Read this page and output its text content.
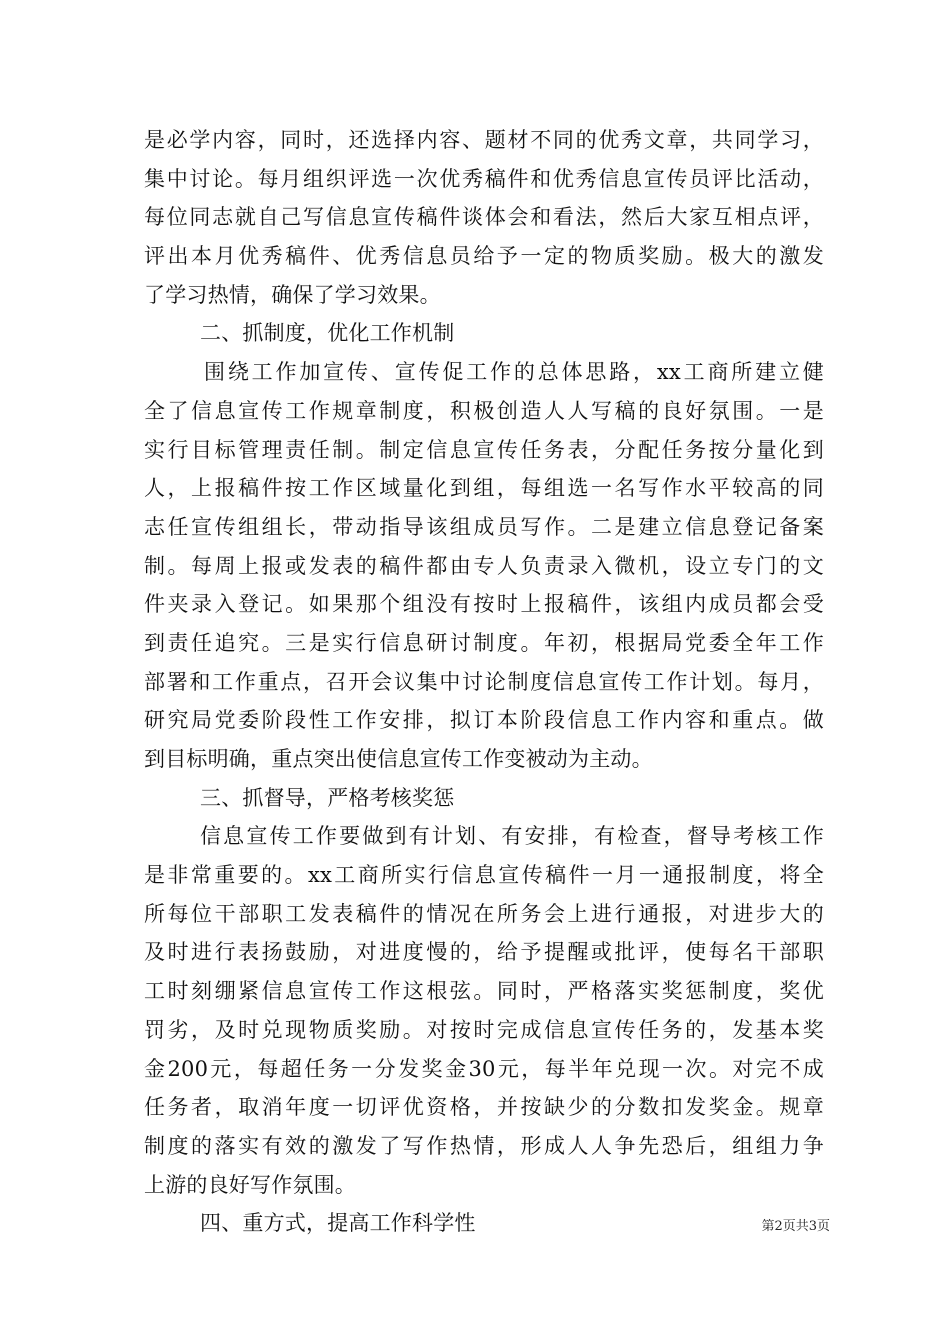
是必学内容，同时，还选择内容、题材不同的优秀文章，共同学习，
集中讨论。每月组织评选一次优秀稿件和优秀信息宣传员评比活动，
每位同志就自己写信息宣传稿件谈体会和看法，然后大家互相点评，
评出本月优秀稿件、优秀信息员给予一定的物质奖励。极大的激发
了学习热情，确保了学习效果。
二、抓制度，优化工作机制
围绕工作加宣传、宣传促工作的总体思路，xx工商所建立健
全了信息宣传工作规章制度，积极创造人人写稿的良好氛围。一是
实行目标管理责任制。制定信息宣传任务表，分配任务按分量化到
人，上报稿件按工作区域量化到组，每组选一名写作水平较高的同
志任宣传组组长，带动指导该组成员写作。二是建立信息登记备案
制。每周上报或发表的稿件都由专人负责录入微机，设立专门的文
件夹录入登记。如果那个组没有按时上报稿件，该组内成员都会受
到责任追究。三是实行信息研讨制度。年初，根据局党委全年工作
部署和工作重点，召开会议集中讨论制度信息宣传工作计划。每月，
研究局党委阶段性工作安排，拟订本阶段信息工作内容和重点。做
到目标明确，重点突出使信息宣传工作变被动为主动。
三、抓督导，严格考核奖惩
信息宣传工作要做到有计划、有安排，有检查，督导考核工作
是非常重要的。xx工商所实行信息宣传稿件一月一通报制度，将全
所每位干部职工发表稿件的情况在所务会上进行通报，对进步大的
及时进行表扬鼓励，对进度慢的，给予提醒或批评，使每名干部职
工时刻绷紧信息宣传工作这根弦。同时，严格落实奖惩制度，奖优
罚劣，及时兑现物质奖励。对按时完成信息宣传任务的，发基本奖
金200元，每超任务一分发奖金30元，每半年兑现一次。对完不成
任务者，取消年度一切评优资格，并按缺少的分数扣发奖金。规章
制度的落实有效的激发了写作热情，形成人人争先恐后，组组力争
上游的良好写作氛围。
四、重方式，提高工作科学性	第2页共3页
